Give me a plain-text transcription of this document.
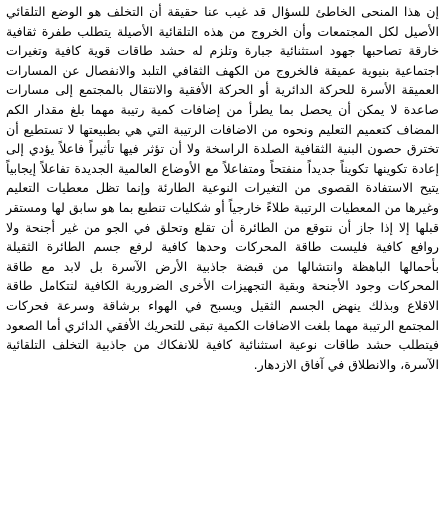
إن هذا المنحى الخاطئ للسؤال قد غيب عنا حقيقة أن التخلف هو الوضع التلقائي الأصيل لكل المجتمعات وأن الخروج من هذه التلقائية الأصيلة يتطلب طفرة ثقافية خارقة تصاحبها جهود استثنائية جبارة وتلزم له حشد طاقات قوية كافية وتغيرات اجتماعية بنيوية عميقة فالخروج من الكهف الثقافي التلبد والانفصال عن المسارات العميقة الأسرة للحركة الدائرية أو الحركة الأفقية والانتقال بالمجتمع إلى مسارات صاعدة لا يمكن أن يحصل بما يطرأ من إضافات كمية رتيبة مهما بلغ مقدار الكم المضاف كتعميم التعليم ونحوه من الاضافات الرتيبة التي هي بطبيعتها لا تستطيع أن تخترق حصون البنية الثقافية الصلدة الراسخة ولا أن تؤثر فيها تأثيراً فاعلاً يؤدي إلى إعادة تكوينها تكويناً جديداً منفتحاً ومتفاعلاً مع الأوضاع العالمية الجديدة تفاعلاً إيجابياً يتيح الاستفادة القصوى من التغيرات النوعية الطارئة وإنما تظل معطيات التعليم وغيرها من المعطيات الرتيبة طلاءً خارجياً أو شكليات تنطبع بما هو سابق لها ومستقر قبلها إلا إذا جاز أن نتوقع من الطائرة أن تقلع وتحلق في الجو من غير أجنحة ولا روافع كافية فليست طاقة المحركات وحدها كافية لرفع جسم الطائرة الثقيلة بأحمالها الباهظة وانتشالها من قبضة جاذبية الأرض الآسرة بل لابد مع طاقة المحركات وجود الأجنحة وبقية التجهيزات الأخرى الضرورية الكافية لتتكامل طاقة الاقلاع وبذلك ينهض الجسم الثقيل ويسبح في الهواء برشاقة وسرعة فحركات المجتمع الرتيبة مهما بلغت الاضافات الكمية تبقى للتحريك الأفقي الدائري أما الصعود فيتطلب حشد طاقات نوعية استثنائية كافية للانفكاك من جاذبية التخلف التلقائية الآسرة، والانطلاق في آفاق الازدهار.
